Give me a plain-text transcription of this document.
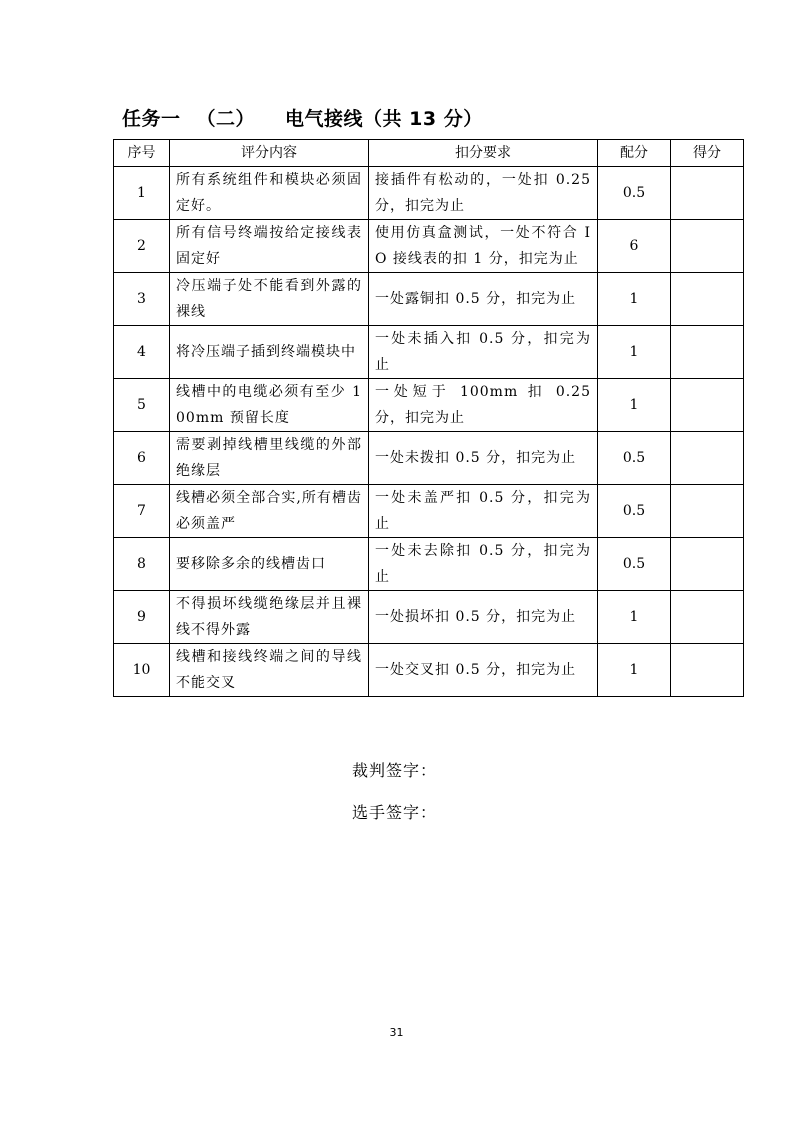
任务一 （二） 电气接线（共 13 分）
序号	评分内容	扣分要求	配分	得分
1	所有系统组件和模块必须固定好。	接插件有松动的，一处扣 0.25 分，扣完为止	0.5	
2	所有信号终端按给定接线表固定好	使用仿真盒测试，一处不符合 IO 接线表的扣 1 分，扣完为止	6	
3	冷压端子处不能看到外露的裸线	一处露铜扣 0.5 分，扣完为止	1	
4	将冷压端子插到终端模块中	一处未插入扣 0.5 分，扣完为止	1	
5	线槽中的电缆必须有至少 100mm 预留长度	一处短于 100mm 扣 0.25 分，扣完为止	1	
6	需要剥掉线槽里线缆的外部绝缘层	一处未拨扣 0.5 分，扣完为止	0.5	
7	线槽必须全部合实,所有槽齿必须盖严	一处未盖严扣 0.5 分，扣完为止	0.5	
8	要移除多余的线槽齿口	一处未去除扣 0.5 分，扣完为止	0.5	
9	不得损坏线缆绝缘层并且裸线不得外露	一处损坏扣 0.5 分，扣完为止	1	
10	线槽和接线终端之间的导线不能交叉	一处交叉扣 0.5 分，扣完为止	1	
裁判签字：
选手签字：
31
